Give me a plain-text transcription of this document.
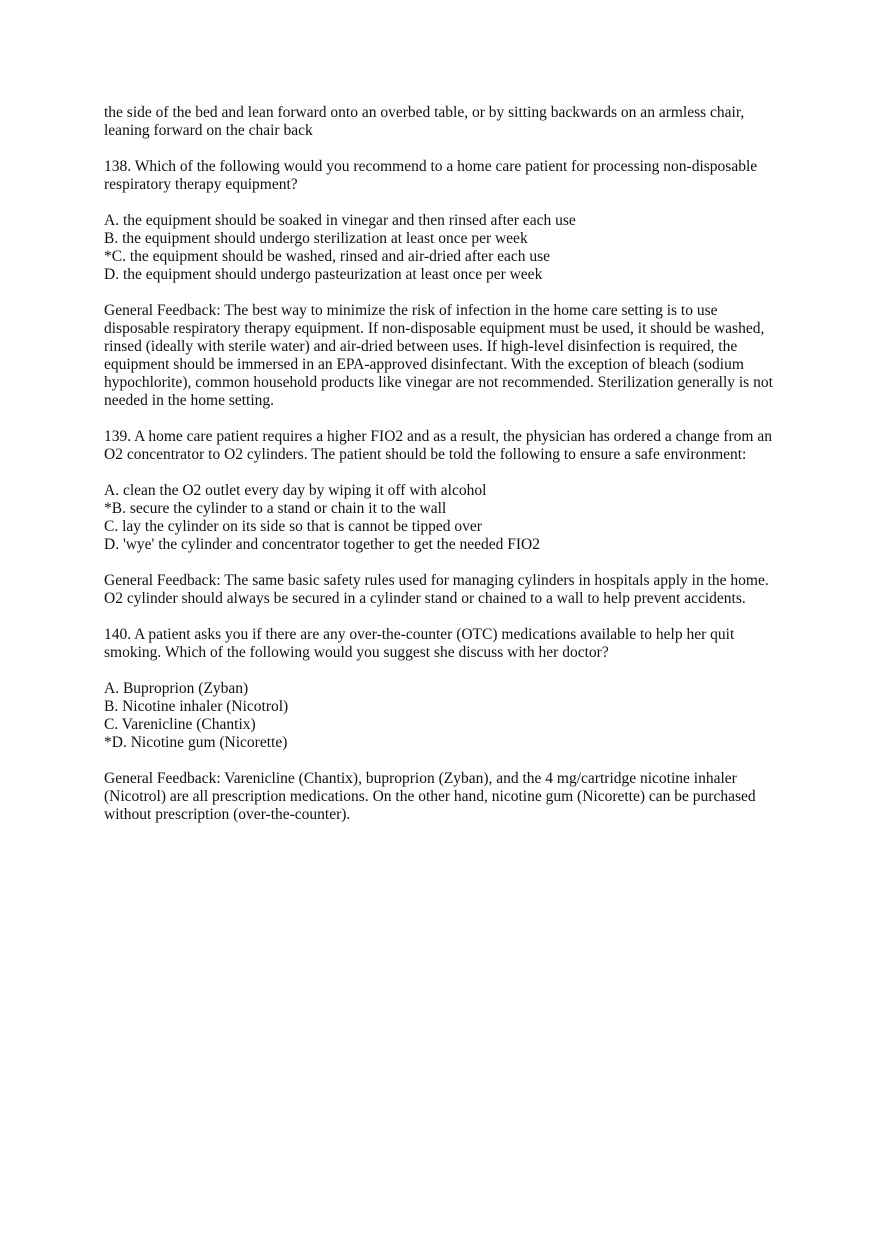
the side of the bed and lean forward onto an overbed table, or by sitting backwards on an armless chair, leaning forward on the chair back

138. Which of the following would you recommend to a home care patient for processing non-disposable respiratory therapy equipment?

A. the equipment should be soaked in vinegar and then rinsed after each use
B. the equipment should undergo sterilization at least once per week
*C. the equipment should be washed, rinsed and air-dried after each use
D. the equipment should undergo pasteurization at least once per week

General Feedback: The best way to minimize the risk of infection in the home care setting is to use disposable respiratory therapy equipment. If non-disposable equipment must be used, it should be washed, rinsed (ideally with sterile water) and air-dried between uses. If high-level disinfection is required, the equipment should be immersed in an EPA-approved disinfectant. With the exception of bleach (sodium hypochlorite), common household products like vinegar are not recommended. Sterilization generally is not needed in the home setting.

139. A home care patient requires a higher FIO2 and as a result, the physician has ordered a change from an O2 concentrator to O2 cylinders. The patient should be told the following to ensure a safe environment:

A. clean the O2 outlet every day by wiping it off with alcohol
*B. secure the cylinder to a stand or chain it to the wall
C. lay the cylinder on its side so that is cannot be tipped over
D. 'wye' the cylinder and concentrator together to get the needed FIO2

General Feedback: The same basic safety rules used for managing cylinders in hospitals apply in the home. O2 cylinder should always be secured in a cylinder stand or chained to a wall to help prevent accidents.

140. A patient asks you if there are any over-the-counter (OTC) medications available to help her quit smoking. Which of the following would you suggest she discuss with her doctor?

A. Buproprion (Zyban)
B. Nicotine inhaler (Nicotrol)
C. Varenicline (Chantix)
*D. Nicotine gum (Nicorette)

General Feedback: Varenicline (Chantix), buproprion (Zyban), and the 4 mg/cartridge nicotine inhaler (Nicotrol) are all prescription medications. On the other hand, nicotine gum (Nicorette) can be purchased without prescription (over-the-counter).
